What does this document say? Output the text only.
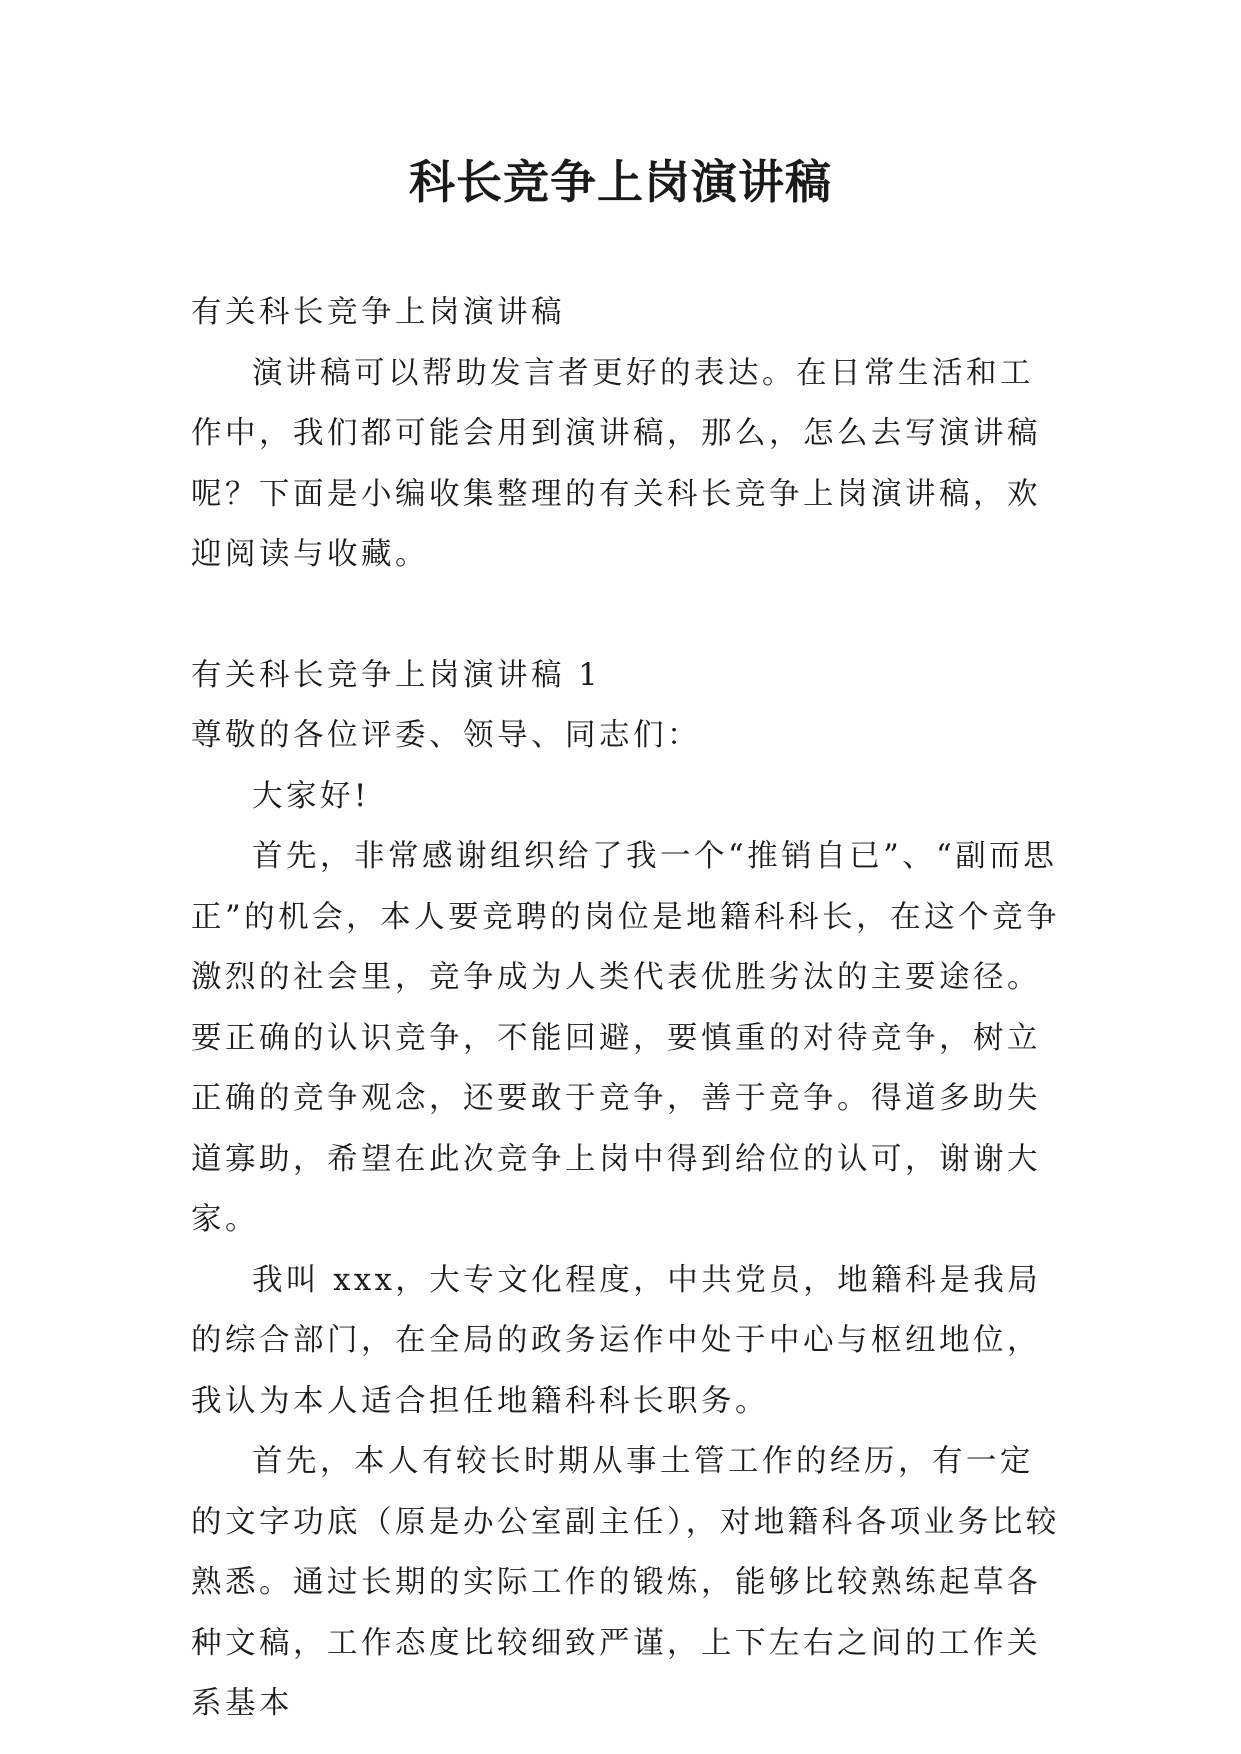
科长竞争上岗演讲稿

有关科长竞争上岗演讲稿

演讲稿可以帮助发言者更好的表达。在日常生活和工作中，我们都可能会用到演讲稿，那么，怎么去写演讲稿呢？下面是小编收集整理的有关科长竞争上岗演讲稿，欢迎阅读与收藏。

有关科长竞争上岗演讲稿 1

尊敬的各位评委、领导、同志们：

大家好!

首先，非常感谢组织给了我一个“推销自已”、“副而思正”的机会，本人要竞聘的岗位是地籍科科长，在这个竞争激烈的社会里，竞争成为人类代表优胜劣汰的主要途径。要正确的认识竞争，不能回避，要慎重的对待竞争，树立正确的竞争观念，还要敢于竞争，善于竞争。得道多助失道寡助，希望在此次竞争上岗中得到给位的认可，谢谢大家。

我叫 xxx，大专文化程度，中共党员，地籍科是我局的综合部门，在全局的政务运作中处于中心与枢纽地位，我认为本人适合担任地籍科科长职务。

首先，本人有较长时期从事土管工作的经历，有一定的文字功底（原是办公室副主任），对地籍科各项业务比较熟悉。通过长期的实际工作的锻炼，能够比较熟练起草各种文稿，工作态度比较细致严谨，上下左右之间的工作关系基本
